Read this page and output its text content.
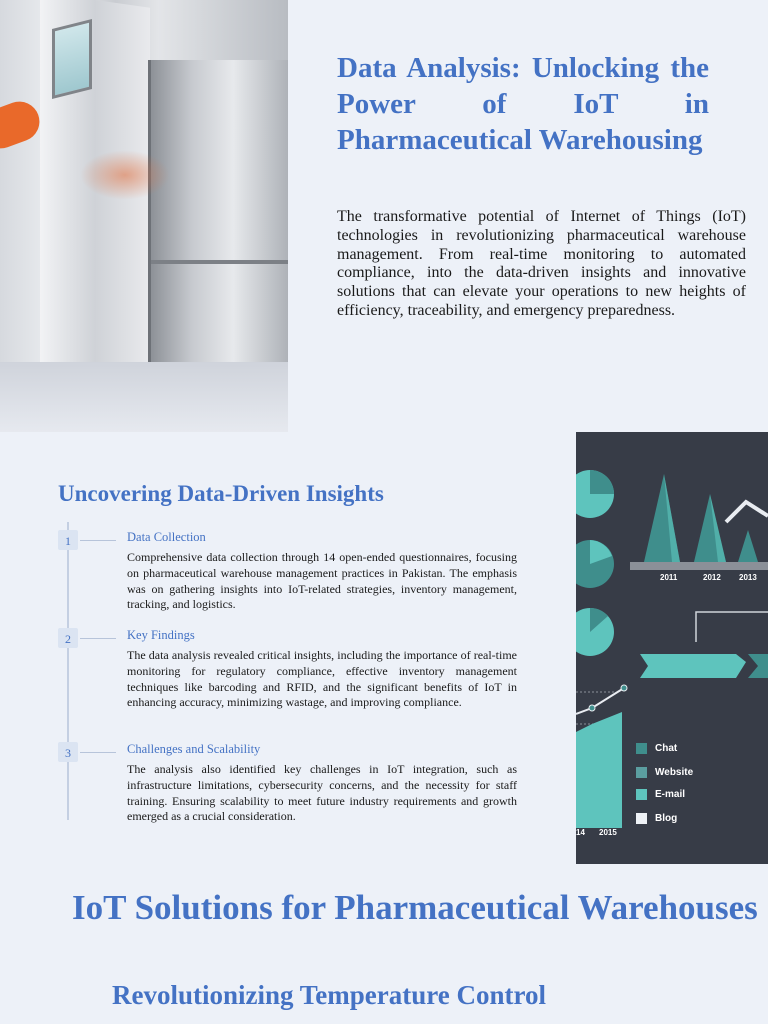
Data Analysis: Unlocking the Power of IoT in Pharmaceutical Warehousing

The transformative potential of Internet of Things (IoT) technologies in revolutionizing pharmaceutical warehouse management. From real-time monitoring to automated compliance, into the data-driven insights and innovative solutions that can elevate your operations to new heights of efficiency, traceability, and emergency preparedness.

Uncovering Data-Driven Insights
1	Data Collection
Comprehensive data collection through 14 open-ended questionnaires, focusing on pharmaceutical warehouse management practices in Pakistan. The emphasis was on gathering insights into IoT-related strategies, inventory management, tracking, and logistics.
2	Key Findings
The data analysis revealed critical insights, including the importance of real-time monitoring for regulatory compliance, effective inventory management techniques like barcoding and RFID, and the significant benefits of IoT in enhancing accuracy, minimizing wastage, and improving compliance.
3	Challenges and Scalability
The analysis also identified key challenges in IoT integration, such as infrastructure limitations, cybersecurity concerns, and the necessity for staff training. Ensuring scalability to meet future industry requirements and growth emerged as a crucial consideration.
2011	2012 2013
14 2015
Chat
Website
E-mail
Blog
IoT Solutions for Pharmaceutical Warehouses
Revolutionizing Temperature Control
